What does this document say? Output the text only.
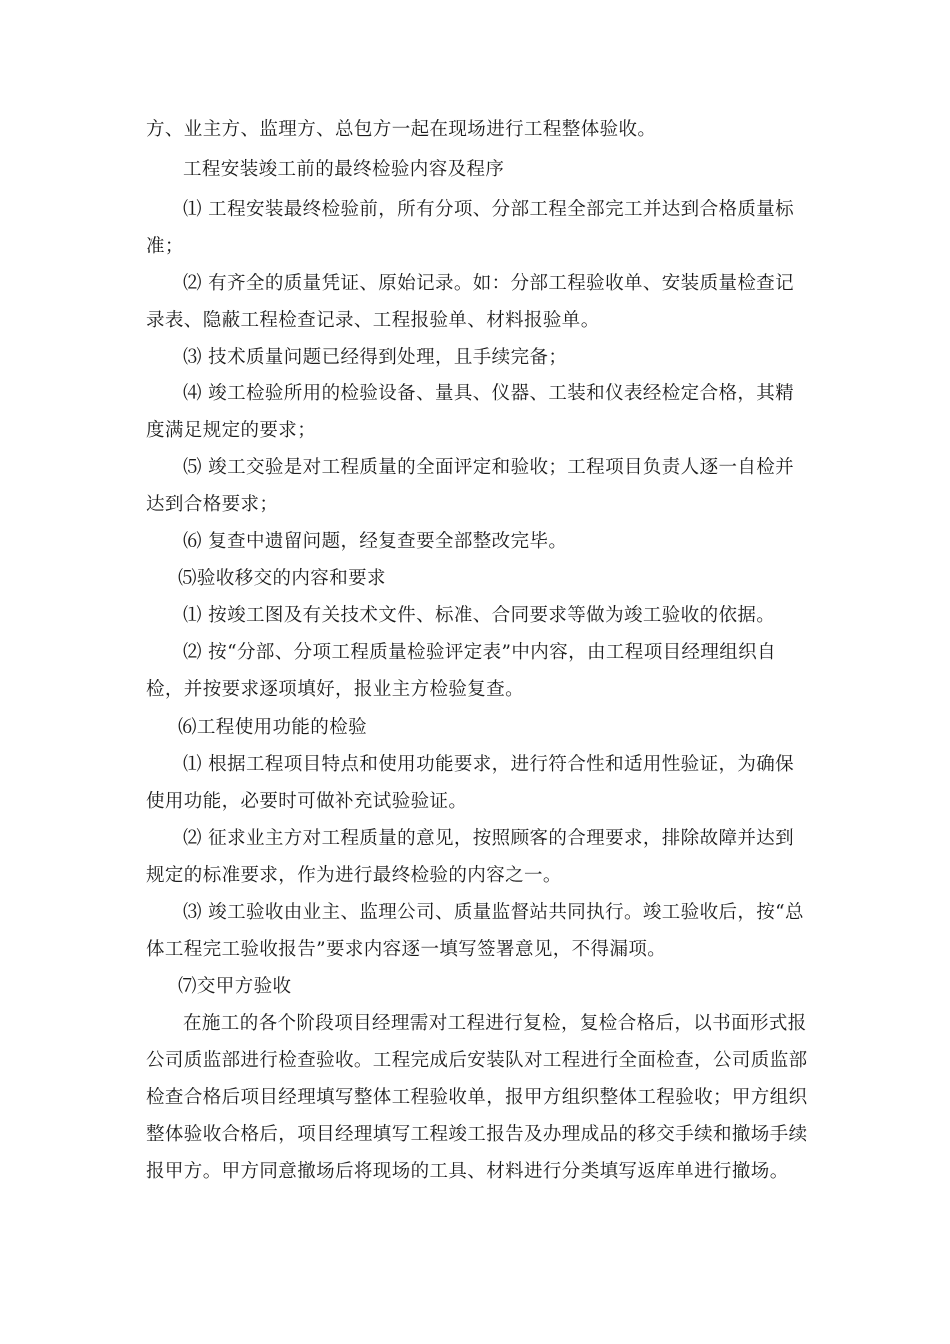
方、业主方、监理方、总包方一起在现场进行工程整体验收。
工程安装竣工前的最终检验内容及程序
⑴ 工程安装最终检验前，所有分项、分部工程全部完工并达到合格质量标
准；
⑵ 有齐全的质量凭证、原始记录。如：分部工程验收单、安装质量检查记
录表、隐蔽工程检查记录、工程报验单、材料报验单。
⑶ 技术质量问题已经得到处理，且手续完备；
⑷ 竣工检验所用的检验设备、量具、仪器、工装和仪表经检定合格，其精
度满足规定的要求；
⑸ 竣工交验是对工程质量的全面评定和验收；工程项目负责人逐一自检并
达到合格要求；
⑹ 复查中遗留问题，经复查要全部整改完毕。
⑸验收移交的内容和要求
⑴ 按竣工图及有关技术文件、标准、合同要求等做为竣工验收的依据。
⑵ 按“分部、分项工程质量检验评定表”中内容，由工程项目经理组织自
检，并按要求逐项填好，报业主方检验复查。
⑹工程使用功能的检验
⑴ 根据工程项目特点和使用功能要求，进行符合性和适用性验证，为确保
使用功能，必要时可做补充试验验证。
⑵ 征求业主方对工程质量的意见，按照顾客的合理要求，排除故障并达到
规定的标准要求，作为进行最终检验的内容之一。
⑶ 竣工验收由业主、监理公司、质量监督站共同执行。竣工验收后，按“总
体工程完工验收报告”要求内容逐一填写签署意见，不得漏项。
⑺交甲方验收
在施工的各个阶段项目经理需对工程进行复检，复检合格后，以书面形式报
公司质监部进行检查验收。工程完成后安装队对工程进行全面检查，公司质监部
检查合格后项目经理填写整体工程验收单，报甲方组织整体工程验收；甲方组织
整体验收合格后，项目经理填写工程竣工报告及办理成品的移交手续和撤场手续
报甲方。甲方同意撤场后将现场的工具、材料进行分类填写返库单进行撤场。
